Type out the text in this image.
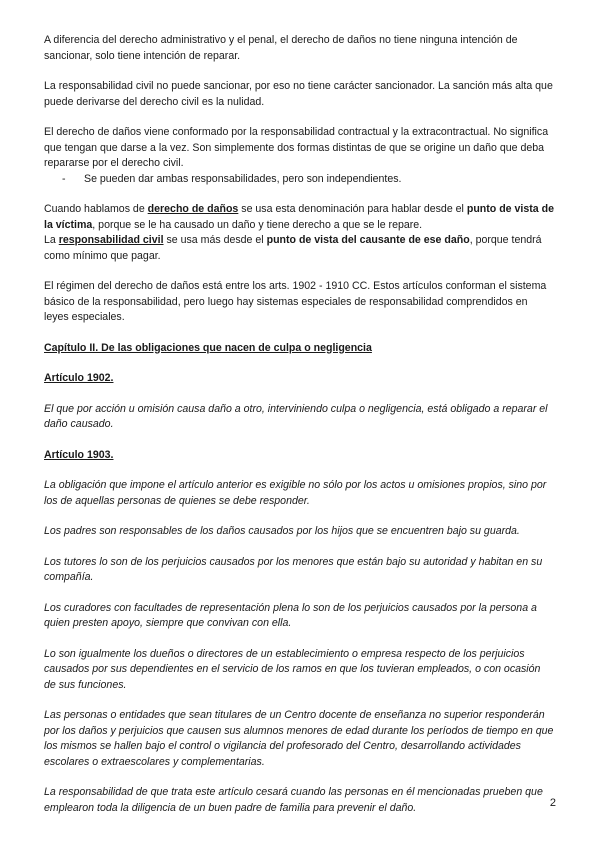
A diferencia del derecho administrativo y el penal, el derecho de daños no tiene ninguna intención de sancionar, solo tiene intención de reparar.

La responsabilidad civil no puede sancionar, por eso no tiene carácter sancionador. La sanción más alta que puede derivarse del derecho civil es la nulidad.

El derecho de daños viene conformado por la responsabilidad contractual y la extracontractual. No significa que tengan que darse a la vez. Son simplemente dos formas distintas de que se origine un daño que deba repararse por el derecho civil.

-	Se pueden dar ambas responsabilidades, pero son independientes.

Cuando hablamos de derecho de daños se usa esta denominación para hablar desde el punto de vista de la víctima, porque se le ha causado un daño y tiene derecho a que se le repare.

La responsabilidad civil se usa más desde el punto de vista del causante de ese daño, porque tendrá como mínimo que pagar.

El régimen del derecho de daños está entre los arts. 1902 - 1910 CC. Estos artículos conforman el sistema básico de la responsabilidad, pero luego hay sistemas especiales de responsabilidad comprendidos en leyes especiales.

Capítulo II. De las obligaciones que nacen de culpa o negligencia

Artículo 1902.

El que por acción u omisión causa daño a otro, interviniendo culpa o negligencia, está obligado a reparar el daño causado.

Artículo 1903.

La obligación que impone el artículo anterior es exigible no sólo por los actos u omisiones propios, sino por los de aquellas personas de quienes se debe responder.

Los padres son responsables de los daños causados por los hijos que se encuentren bajo su guarda.

Los tutores lo son de los perjuicios causados por los menores que están bajo su autoridad y habitan en su compañía.

Los curadores con facultades de representación plena lo son de los perjuicios causados por la persona a quien presten apoyo, siempre que convivan con ella.

Lo son igualmente los dueños o directores de un establecimiento o empresa respecto de los perjuicios causados por sus dependientes en el servicio de los ramos en que los tuvieran empleados, o con ocasión de sus funciones.

Las personas o entidades que sean titulares de un Centro docente de enseñanza no superior responderán por los daños y perjuicios que causen sus alumnos menores de edad durante los períodos de tiempo en que los mismos se hallen bajo el control o vigilancia del profesorado del Centro, desarrollando actividades escolares o extraescolares y complementarias.

La responsabilidad de que trata este artículo cesará cuando las personas en él mencionadas prueben que emplearon toda la diligencia de un buen padre de familia para prevenir el daño.	2
